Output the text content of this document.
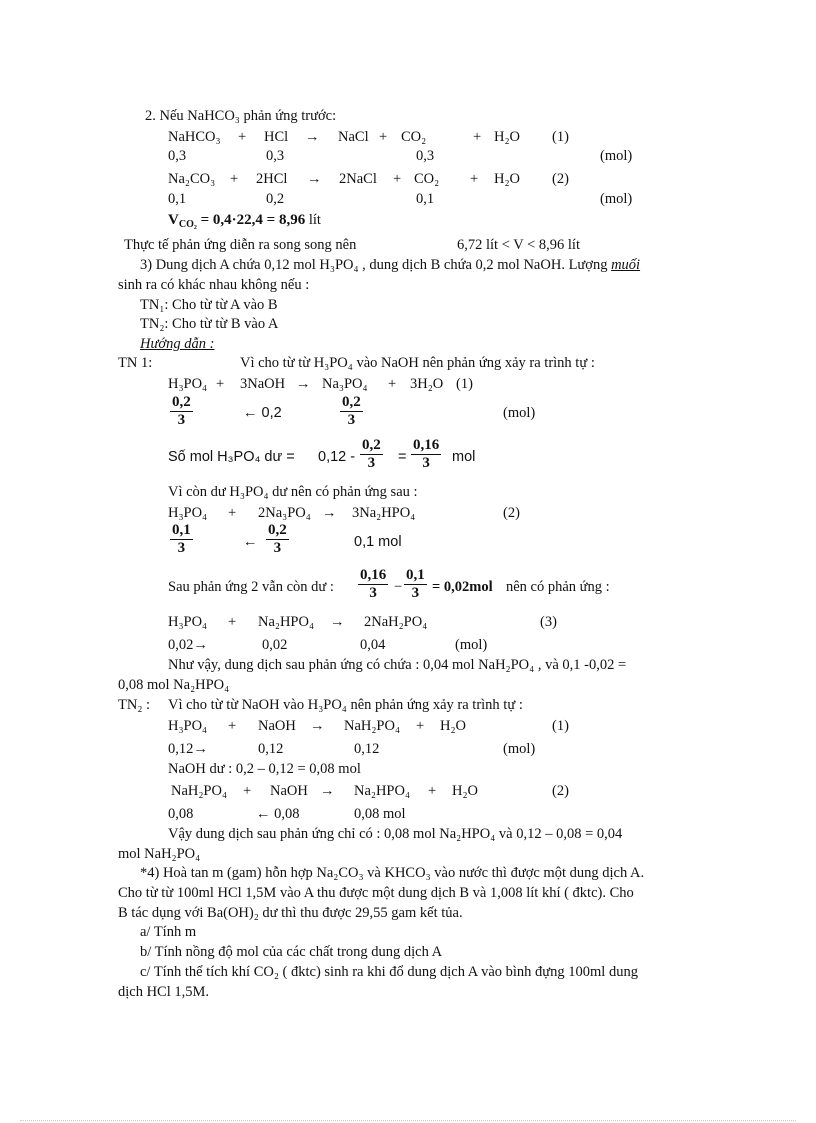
2. Nếu NaHCO₃ phản ứng trước:
NaHCO₃ + HCl → NaCl + CO₂	+ H₂O (1)
0,3	0,3	0,3	(mol)
Na₂CO₃ + 2HCl → 2NaCl + CO₂ + H₂O (2)
0,1	0,2	0,1	(mol)
$V_{CO_2} = 0,4\cdot 22,4 = 8,96$ lít
Thực tế phản ứng diễn ra song song nên	6,72 lít < V < 8,96 lít
3) Dung dịch A chứa 0,12 mol H₃PO₄ , dung dịch B chứa 0,2 mol NaOH. Lượng muối
sinh ra có khác nhau không nếu :
TN₁: Cho từ từ A vào B
TN₂: Cho từ từ B vào A
Hướng dẫn :
TN 1:	Vì cho từ từ H₃PO₄ vào NaOH nên phản ứng xảy ra trình tự :
H₃PO₄ + 3NaOH → Na₃PO₄ + 3H₂O (1)
$\frac{0,2}{3}$	← 0,2	$\frac{0,2}{3}$	(mol)
Số mol H₃PO₄ dư = $0,12 - \frac{0,2}{3} = \frac{0,16}{3}$ mol
Vì còn dư H₃PO₄ dư nên có phản ứng sau :
H₃PO₄ + 2Na₃PO₄ → 3Na₂HPO₄	(2)
$\frac{0,1}{3}$	← $\frac{0,2}{3}$	0,1 mol
Sau phản ứng 2 vẫn còn dư : $\frac{0,16}{3} - \frac{0,1}{3} = 0,02mol$ nên có phản ứng :
H₃PO₄ + Na₂HPO₄ → 2NaH₂PO₄	(3)
0,02→	0,02	0,04	(mol)
Như vậy, dung dịch sau phản ứng có chứa : 0,04 mol NaH₂PO₄ , và 0,1 -0,02 =
0,08 mol Na₂HPO₄
TN₂ : Vì cho từ từ NaOH vào H₃PO₄ nên phản ứng xảy ra trình tự :
H₃PO₄ + NaOH → NaH₂PO₄ + H₂O	(1)
0,12→	0,12	0,12	(mol)
NaOH dư : 0,2 – 0,12 = 0,08 mol
NaH₂PO₄ + NaOH → Na₂HPO₄ + H₂O	(2)
0,08	← 0,08	0,08 mol
Vậy dung dịch sau phản ứng chỉ có : 0,08 mol Na₂HPO₄ và 0,12 – 0,08 = 0,04
mol NaH₂PO₄
*4) Hoà tan m (gam) hỗn hợp Na₂CO₃ và KHCO₃ vào nước thì được một dung dịch A.
Cho từ từ 100ml HCl 1,5M vào A thu được một dung dịch B và 1,008 lít khí ( đktc). Cho
B tác dụng với Ba(OH)₂ dư thì thu được 29,55 gam kết tủa.
a/ Tính m
b/ Tính nồng độ mol của các chất trong dung dịch A
c/ Tính thể tích khí CO₂ ( đktc) sinh ra khi đổ dung dịch A vào bình đựng 100ml dung
dịch HCl 1,5M.
